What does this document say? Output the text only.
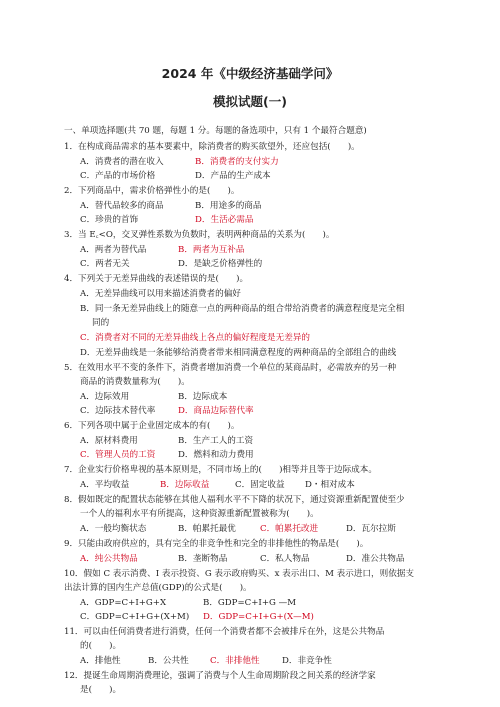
2024 年《中级经济基础学问》
模拟试题(一)
一、单项选择题(共 70 题，每题 1 分。每题的备选项中，只有 1 个最符合题意)
1．在构成商品需求的基本要素中，除消费者的购买欲望外，还应包括(　　)。
A．消费者的潜在收入	B．消费者的支付实力
C．产品的市场价格	D．产品的生产成本
2．下列商品中，需求价格弹性小的是(　　)。
A．替代品较多的商品	B．用途多的商品
C．珍贵的首饰	D．生活必需品
3．当 E꜀<O，交叉弹性系数为负数时，表明两种商品的关系为(　　)。
A．两者为替代品	B．两者为互补品
C．两者无关	D．是缺乏价格弹性的
4．下列关于无差异曲线的表述错误的是(　　)。
A．无差异曲线可以用来描述消费者的偏好
B．同一条无差异曲线上的随意一点的两种商品的组合带给消费者的满意程度是完全相
同的
C．消费者对不同的无差异曲线上各点的偏好程度是无差异的
D．无差异曲线是一条能够给消费者带来相同满意程度的两种商品的全部组合的曲线
5．在效用水平不变的条件下，消费者增加消费一个单位的某商品时，必需放弃的另一种
商品的消费数量称为(　　)。
A．边际效用	B．边际成本
C．边际技术替代率	D．商品边际替代率
6．下列各项中属于企业固定成本的有(　　)。
A．原材料费用	B．生产工人的工资
C．管理人员的工资	D．燃料和动力费用
7．企业实行价格卑视的基本原则是，不同市场上的(　　)相等并且等于边际成本。
A．平均收益	B．边际收益	C．固定收益 D・相对成本
8．假如既定的配置状态能够在其他人福利水平不下降的状况下，通过资源重新配置使至少
一个人的福利水平有所提高，这种资源重新配置被称为(　　)。
A．一般均衡状态	B．帕累托最优	C．帕累托改进	D．瓦尔拉斯
9．只能由政府供应的，具有完全的非竞争性和完全的非排他性的物品是(　　)。
A．纯公共物品	B．垄断物品	C．私人物品	D．准公共物品
10．假如 C 表示消费、I 表示投资、G 表示政府购买、x 表示出口、M 表示进口，则依据支
出法计算的国内生产总值(GDP)的公式是(　　)。
A．GDP=C+I+G+X	B．GDP=C+I+G —M
C．GDP=C+I+G+(X+M) D．GDP=C+I+G+(X—M)
11．可以由任何消费者进行消费，任何一个消费者都不会被排斥在外，这是公共物品
的(　　)。
A．排他性	B．公共性 C．非排他性	D．非竞争性
12．提诞生命周期消费理论，强调了消费与个人生命周期阶段之间关系的经济学家
是(　　)。
